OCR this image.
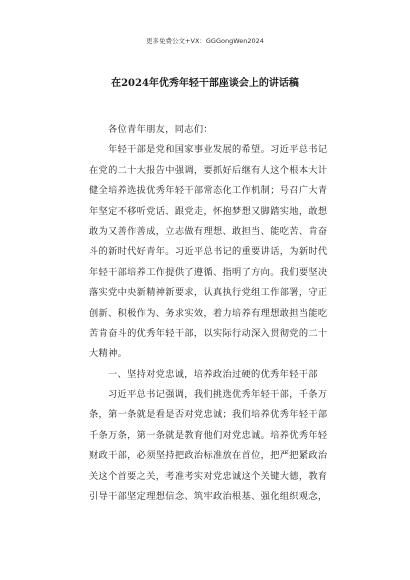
更多免费公文+VX：GGGongWen2024
在2024年优秀年轻干部座谈会上的讲话稿
各位青年朋友，同志们：
年轻干部是党和国家事业发展的希望。习近平总书记
在党的二十大报告中强调，要抓好后继有人这个根本大计
健全培养选拔优秀年轻干部常态化工作机制；号召广大青
年坚定不移听党话、跟党走，怀抱梦想又脚踏实地，敢想
敢为又善作善成，立志做有理想、敢担当、能吃苦、肯奋
斗的新时代好青年。习近平总书记的重要讲话，为新时代
年轻干部培养工作提供了遵循、指明了方向。我们要坚决
落实党中央新精神新要求，认真执行党组工作部署，守正
创新、积极作为、务求实效，着力培养有理想敢担当能吃
苦肯奋斗的优秀年轻干部，以实际行动深入贯彻党的二十
大精神。
一、坚持对党忠诚，培养政治过硬的优秀年轻干部
习近平总书记强调，我们挑选优秀年轻干部，千条万
条，第一条就是看是否对党忠诚；我们培养优秀年轻干部
千条万条，第一条就是教育他们对党忠诚。培养优秀年轻
财政干部，必须坚持把政治标准放在首位，把严把紧政治
关这个首要之关，考准考实对党忠诚这个关键大德，教育
引导干部坚定理想信念、筑牢政治根基、强化组织观念，
